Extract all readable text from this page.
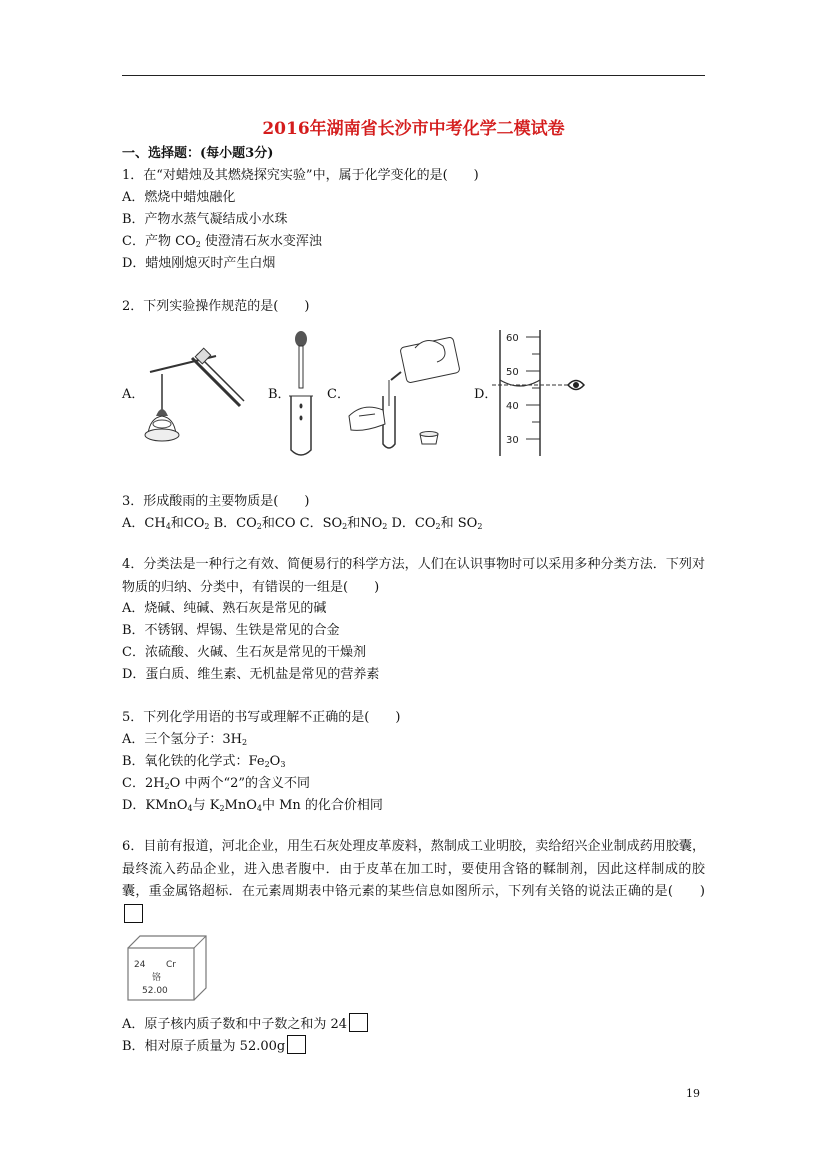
2016年湖南省长沙市中考化学二模试卷
一、选择题：(每小题3分)
1．在“对蜡烛及其燃烧探究实验”中，属于化学变化的是(　　)
A．燃烧中蜡烛融化
B．产物水蒸气凝结成小水珠
C．产物 $CO_2$ 使澄清石灰水变浑浊
D．蜡烛刚熄灭时产生白烟
2．下列实验操作规范的是(　　)
A．	B．	C．	D．
60
50
40
30
3．形成酸雨的主要物质是(　　)
A．$CH_4$和$CO_2$ B．$CO_2$和CO C．$SO_2$和$NO_2$ D．$CO_2$和 $SO_2$
4．分类法是一种行之有效、简便易行的科学方法，人们在认识事物时可以采用多种分类方法．下列对物质的归纳、分类中，有错误的一组是(　　)
A．烧碱、纯碱、熟石灰是常见的碱
B．不锈钢、焊锡、生铁是常见的合金
C．浓硫酸、火碱、生石灰是常见的干燥剂
D．蛋白质、维生素、无机盐是常见的营养素
5．下列化学用语的书写或理解不正确的是(　　)
A．三个氢分子：$3H_2$
B．氧化铁的化学式：$Fe_2O_3$
C．$2H_2O$ 中两个“2”的含义不同
D．KMnO$_4$与 $K_2MnO_4$中 Mn 的化合价相同
6．目前有报道，河北企业，用生石灰处理皮革废料，熬制成工业明胶，卖给绍兴企业制成药用胶囊，最终流入药品企业，进入患者腹中．由于皮革在加工时，要使用含铬的鞣制剂，因此这样制成的胶囊，重金属铬超标．在元素周期表中铬元素的某些信息如图所示，下列有关铬的说法正确的是(　　)
24 Cr
铬
52.00
A．原子核内质子数和中子数之和为 24
B．相对原子质量为 52.00g
19
